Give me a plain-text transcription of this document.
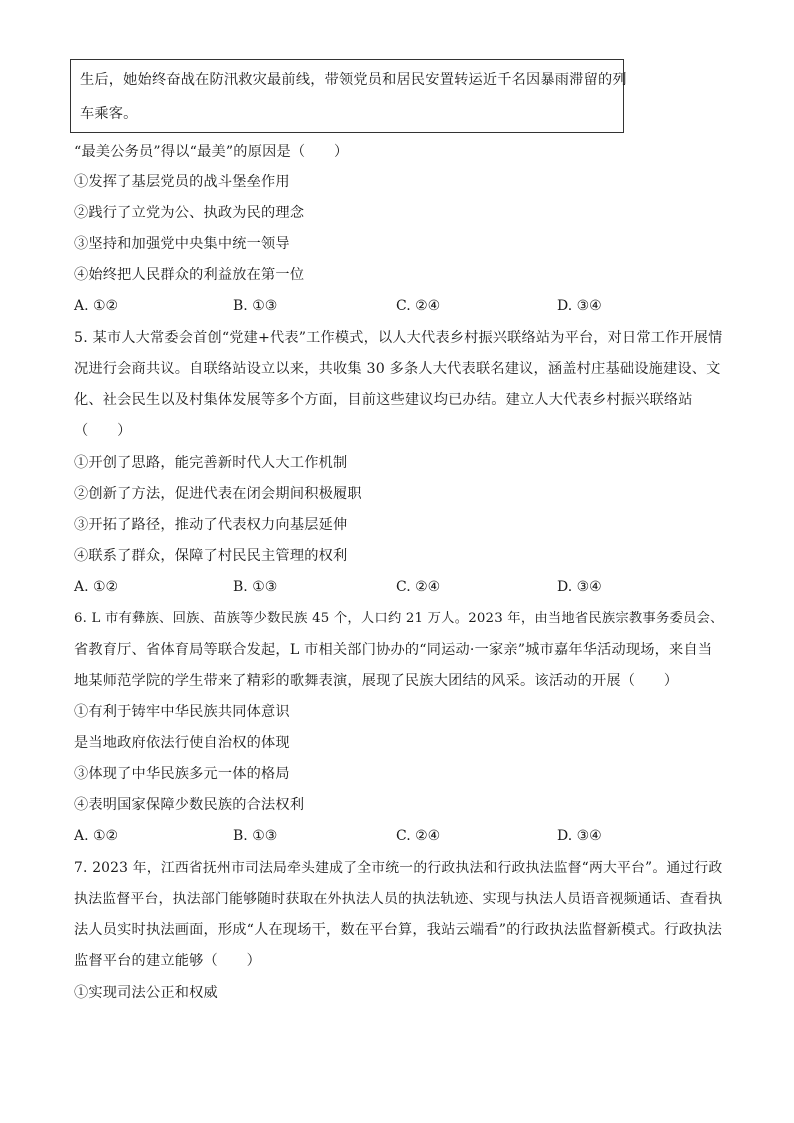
生后，她始终奋战在防汛救灾最前线，带领党员和居民安置转运近千名因暴雨滞留的列
车乘客。
“最美公务员”得以“最美”的原因是（　　）
①发挥了基层党员的战斗堡垒作用
②践行了立党为公、执政为民的理念
③坚持和加强党中央集中统一领导
④始终把人民群众的利益放在第一位
A. ①②	B. ①③	C. ②④	D. ③④
5. 某市人大常委会首创“党建+代表”工作模式，以人大代表乡村振兴联络站为平台，对日常工作开展情
况进行会商共议。自联络站设立以来，共收集 30 多条人大代表联名建议，涵盖村庄基础设施建设、文
化、社会民生以及村集体发展等多个方面，目前这些建议均已办结。建立人大代表乡村振兴联络站
（　　）
①开创了思路，能完善新时代人大工作机制
②创新了方法，促进代表在闭会期间积极履职
③开拓了路径，推动了代表权力向基层延伸
④联系了群众，保障了村民民主管理的权利
A. ①②	B. ①③	C. ②④	D. ③④
6. L 市有彝族、回族、苗族等少数民族 45 个，人口约 21 万人。2023 年，由当地省民族宗教事务委员会、
省教育厅、省体育局等联合发起，L 市相关部门协办的“同运动·一家亲”城市嘉年华活动现场，来自当
地某师范学院的学生带来了精彩的歌舞表演，展现了民族大团结的风采。该活动的开展（　　）
①有利于铸牢中华民族共同体意识
是当地政府依法行使自治权的体现
③体现了中华民族多元一体的格局
④表明国家保障少数民族的合法权利
A. ①②	B. ①③	C. ②④	D. ③④
7. 2023 年，江西省抚州市司法局牵头建成了全市统一的行政执法和行政执法监督“两大平台”。通过行政
执法监督平台，执法部门能够随时获取在外执法人员的执法轨迹、实现与执法人员语音视频通话、查看执
法人员实时执法画面，形成“人在现场干，数在平台算，我站云端看”的行政执法监督新模式。行政执法
监督平台的建立能够（　　）
①实现司法公正和权威
